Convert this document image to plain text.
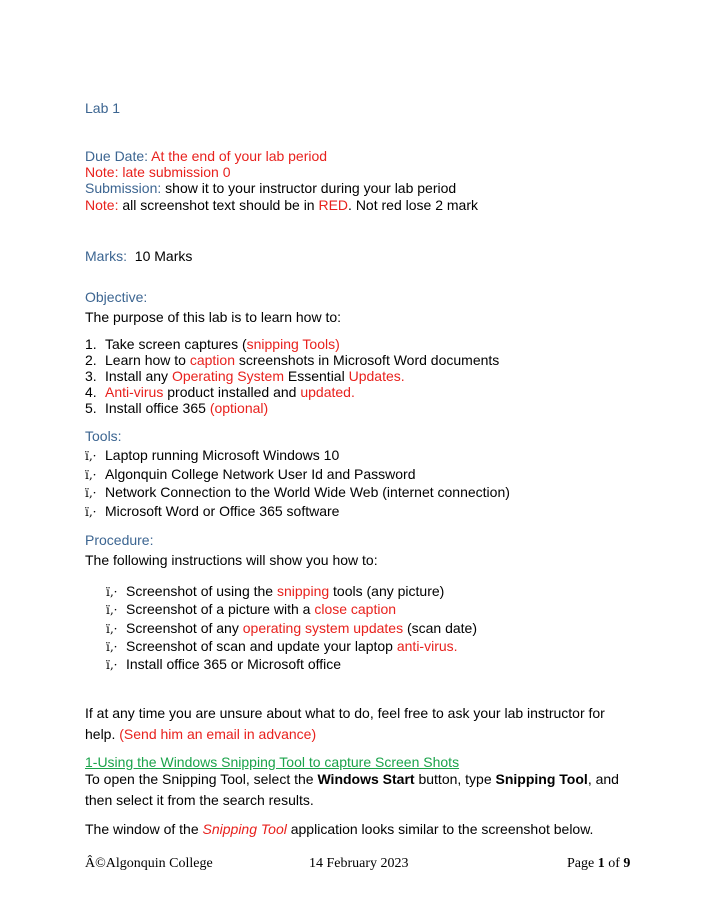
Lab 1
Due Date: At the end of your lab period
Note: late submission 0
Submission: show it to your instructor during your lab period
Note: all screenshot text should be in RED. Not red lose 2 mark
Marks: 10 Marks
Objective:
The purpose of this lab is to learn how to:
1. Take screen captures (snipping Tools)
2. Learn how to caption screenshots in Microsoft Word documents
3. Install any Operating System Essential Updates.
4. Anti-virus product installed and updated.
5. Install office 365 (optional)
Tools:
ï‚· Laptop running Microsoft Windows 10
ï‚· Algonquin College Network User Id and Password
ï‚· Network Connection to the World Wide Web (internet connection)
ï‚· Microsoft Word or Office 365 software
Procedure:
The following instructions will show you how to:
ï‚· Screenshot of using the snipping tools (any picture)
ï‚· Screenshot of a picture with a close caption
ï‚· Screenshot of any operating system updates (scan date)
ï‚· Screenshot of scan and update your laptop anti-virus.
ï‚· Install office 365 or Microsoft office
If at any time you are unsure about what to do, feel free to ask your lab instructor for help. (Send him an email in advance)
1-Using the Windows Snipping Tool to capture Screen Shots
To open the Snipping Tool, select the Windows Start button, type Snipping Tool, and then select it from the search results.
The window of the Snipping Tool application looks similar to the screenshot below.
Â©Algonquin College	14 February 2023	Page 1 of 9
